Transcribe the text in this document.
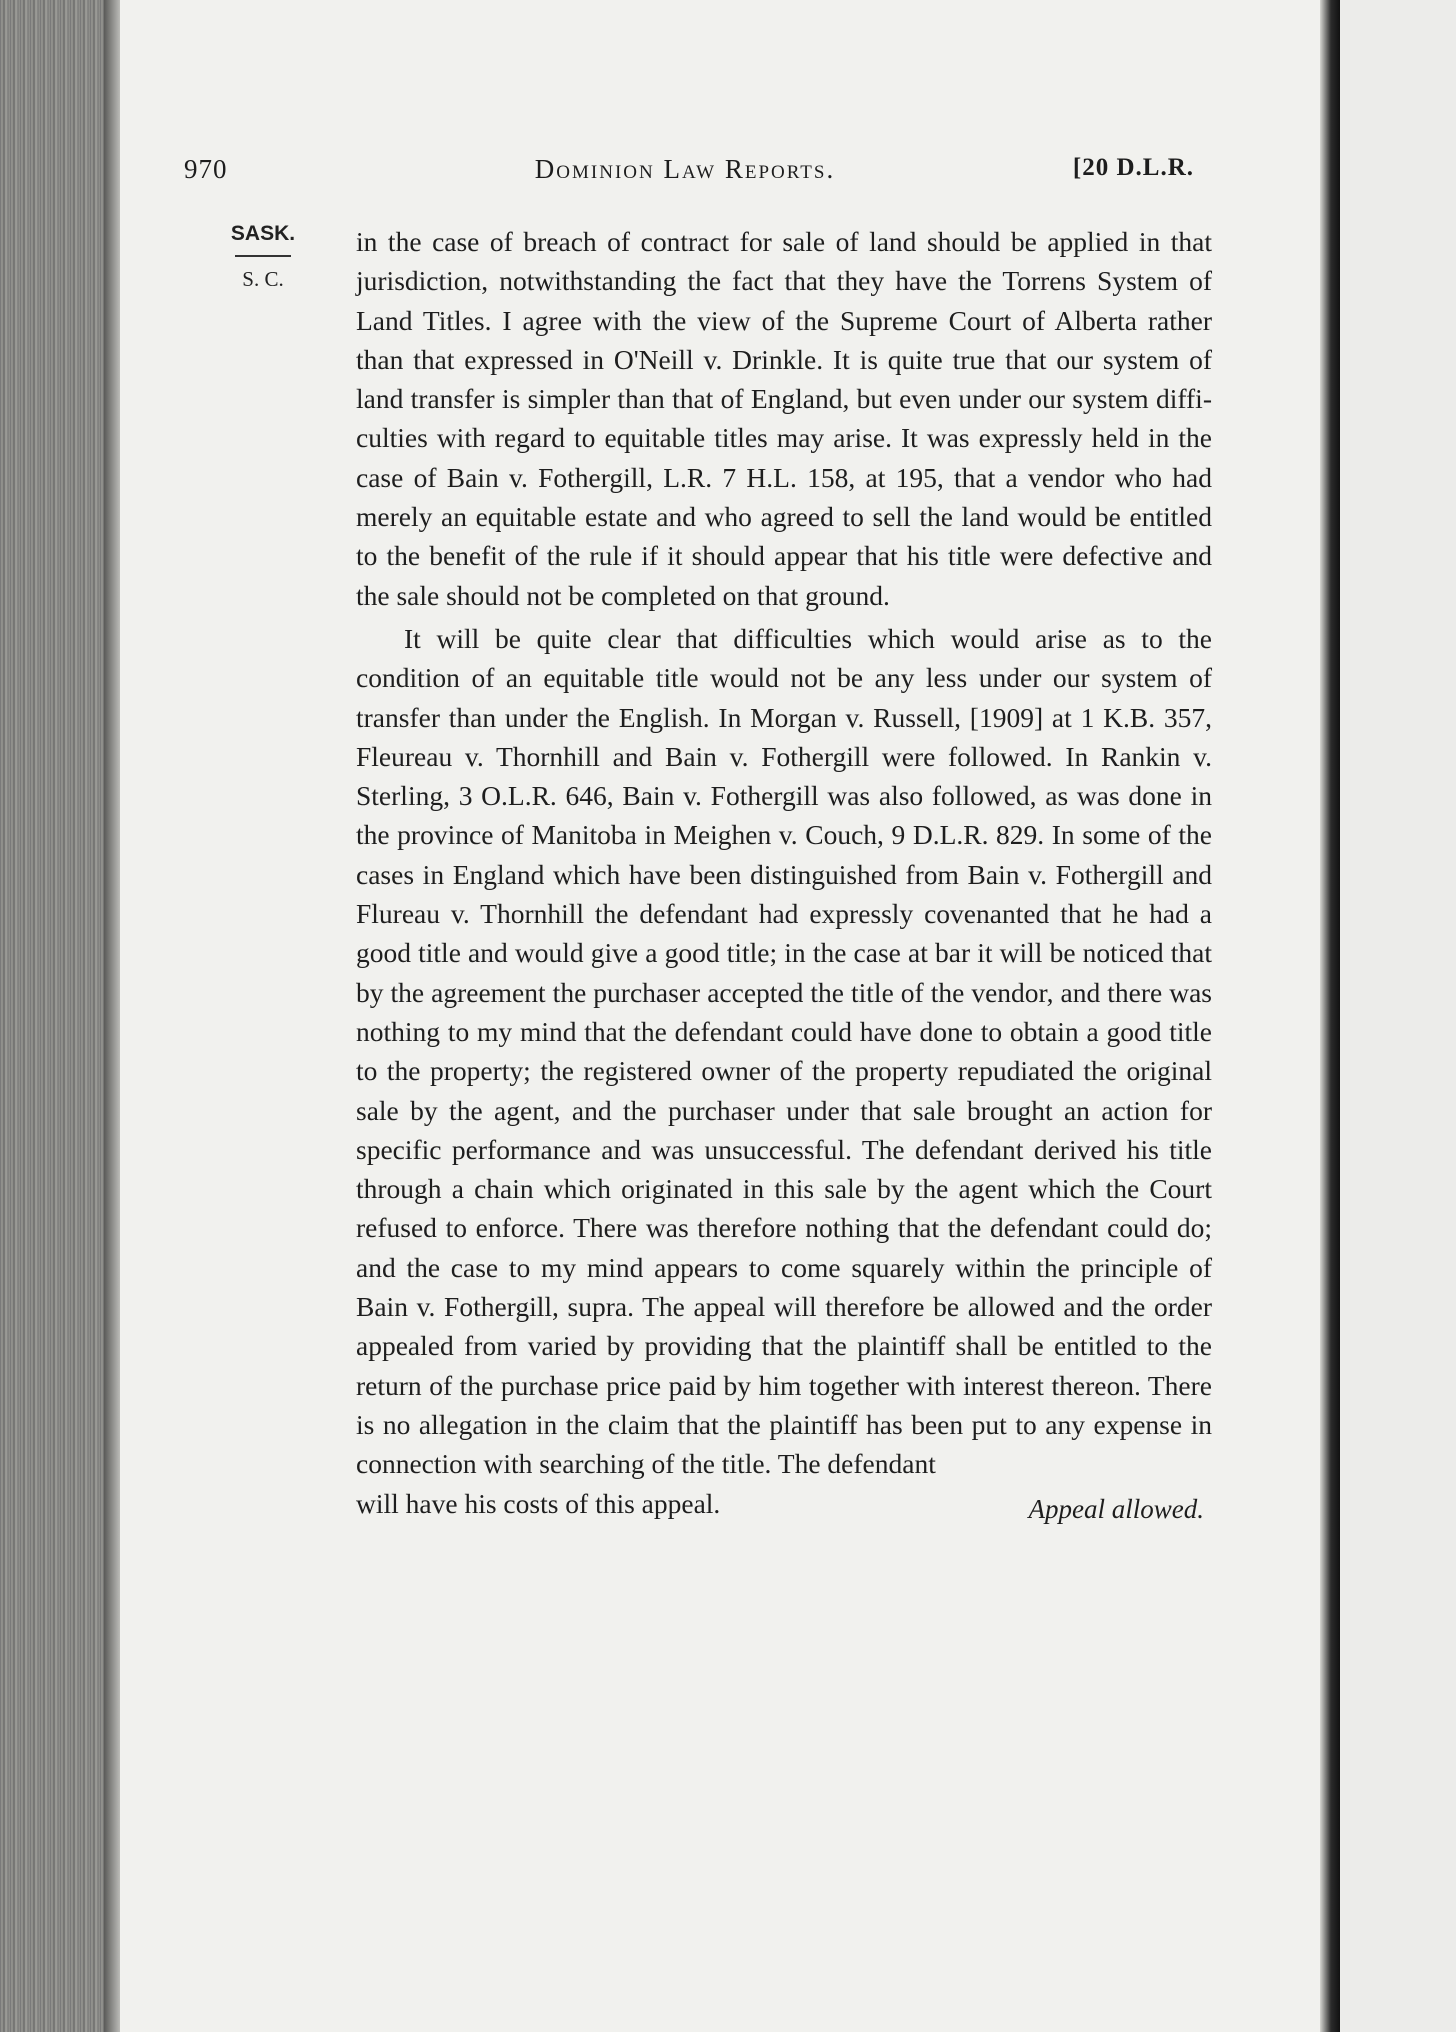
970	Dominion Law Reports.	[20 D.L.R.
SASK.
S. C.

in the case of breach of contract for sale of land should be applied in that jurisdiction, notwithstanding the fact that they have the Torrens System of Land Titles. I agree with the view of the Supreme Court of Alberta rather than that expressed in O'Neill v. Drinkle. It is quite true that our system of land transfer is simpler than that of England, but even under our system difficulties with regard to equitable titles may arise. It was expressly held in the case of Bain v. Fothergill, L.R. 7 H.L. 158, at 195, that a vendor who had merely an equitable estate and who agreed to sell the land would be entitled to the benefit of the rule if it should appear that his title were defective and the sale should not be completed on that ground.

It will be quite clear that difficulties which would arise as to the condition of an equitable title would not be any less under our system of transfer than under the English. In Morgan v. Russell, [1909] at 1 K.B. 357, Fleureau v. Thornhill and Bain v. Fothergill were followed. In Rankin v. Sterling, 3 O.L.R. 646, Bain v. Fothergill was also followed, as was done in the province of Manitoba in Meighen v. Couch, 9 D.L.R. 829. In some of the cases in England which have been distinguished from Bain v. Fothergill and Flureau v. Thornhill the defendant had expressly covenanted that he had a good title and would give a good title; in the case at bar it will be noticed that by the agreement the purchaser accepted the title of the vendor, and there was nothing to my mind that the defendant could have done to obtain a good title to the property; the registered owner of the property repudiated the original sale by the agent, and the purchaser under that sale brought an action for specific performance and was unsuccessful. The defendant derived his title through a chain which originated in this sale by the agent which the Court refused to enforce. There was therefore nothing that the defendant could do; and the case to my mind appears to come squarely within the principle of Bain v. Fothergill, supra. The appeal will therefore be allowed and the order appealed from varied by providing that the plaintiff shall be entitled to the return of the purchase price paid by him together with interest thereon. There is no allegation in the claim that the plaintiff has been put to any expense in connection with searching of the title. The defendant

will have his costs of this appeal.	Appeal allowed.
